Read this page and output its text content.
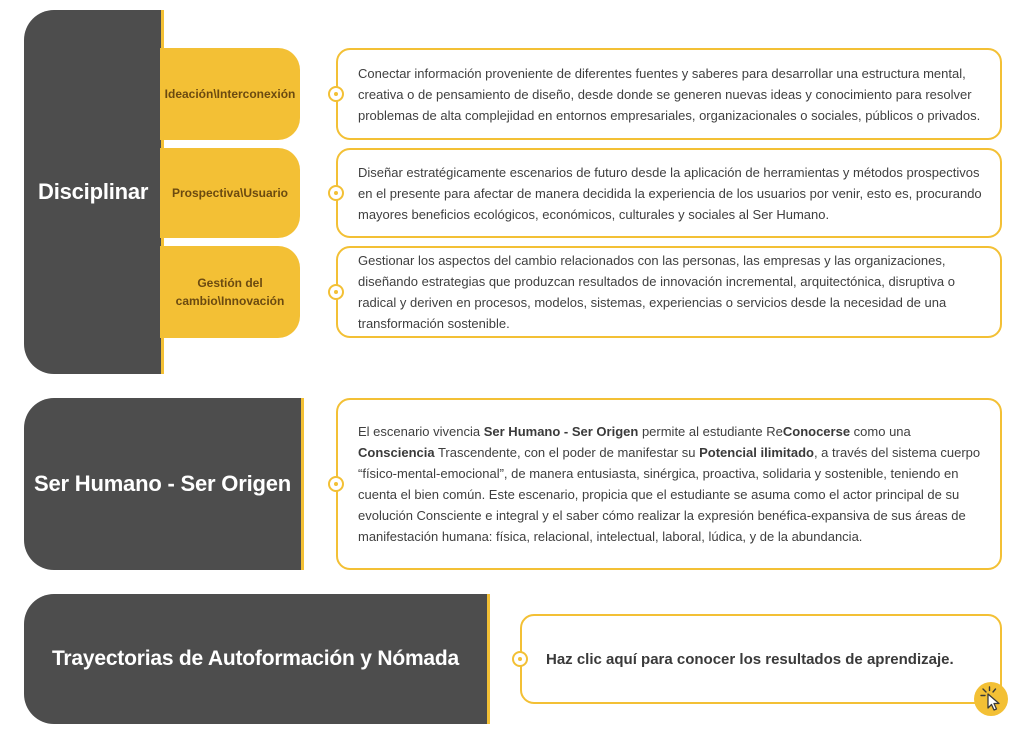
Disciplinar
Ideación\Interconexión
Prospectiva\Usuario
Gestión del cambio\Innovación
Conectar información proveniente de diferentes fuentes y saberes para desarrollar una estructura mental, creativa o de pensamiento de diseño, desde donde se generen nuevas ideas y conocimiento para resolver problemas de alta complejidad en entornos empresariales, organizacionales o sociales, públicos o privados.
Diseñar estratégicamente escenarios de futuro desde la aplicación de herramientas y métodos prospectivos en el presente para afectar de manera decidida la experiencia de los usuarios por venir, esto es, procurando mayores beneficios ecológicos, económicos, culturales y sociales al Ser Humano.
Gestionar los aspectos del cambio relacionados con las personas, las empresas y las organizaciones, diseñando estrategias que produzcan resultados de innovación incremental, arquitectónica, disruptiva o radical y deriven en procesos, modelos, sistemas, experiencias o servicios desde la necesidad de una transformación sostenible.
Ser Humano - Ser Origen
El escenario vivencia Ser Humano - Ser Origen permite al estudiante ReConocerse como una Consciencia Trascendente, con el poder de manifestar su Potencial ilimitado, a través del sistema cuerpo “físico-mental-emocional”, de manera entusiasta, sinérgica, proactiva, solidaria y sostenible, teniendo en cuenta el bien común. Este escenario, propicia que el estudiante se asuma como el actor principal de su evolución Consciente e integral y el saber cómo realizar la expresión benéfica-expansiva de sus áreas de manifestación humana: física, relacional, intelectual, laboral, lúdica, y de la abundancia.
Trayectorias de Autoformación y Nómada	Haz clic aquí para conocer los resultados de aprendizaje.
